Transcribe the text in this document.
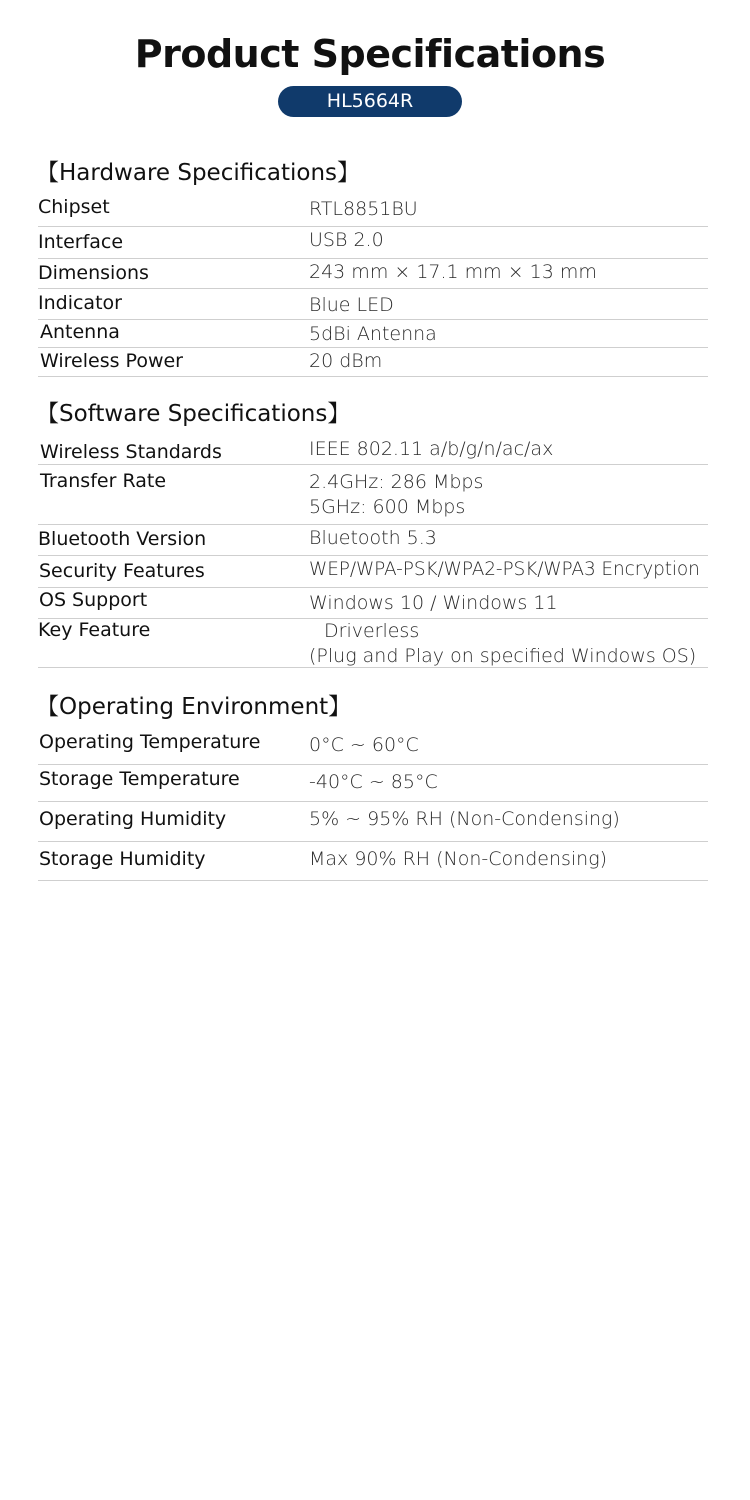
Product Specifications
HL5664R
【Hardware Specifications】
Chipset	RTL8851BU
Interface	USB 2.0
Dimensions	243 mm × 17.1 mm × 13 mm
Indicator	Blue LED
Antenna	5dBi Antenna
Wireless Power	20 dBm
【Software Specifications】
Wireless Standards	IEEE 802.11 a/b/g/n/ac/ax
Transfer Rate	2.4GHz: 286 Mbps
5GHz: 600 Mbps
Bluetooth Version	Bluetooth 5.3
Security Features	WEP/WPA-PSK/WPA2-PSK/WPA3 Encryption
OS Support	Windows 10 / Windows 11
Key Feature	Driverless
(Plug and Play on specified Windows OS)
【Operating Environment】
Operating Temperature	0°C ~ 60°C
Storage Temperature	-40°C ~ 85°C
Operating Humidity	5% ~ 95% RH (Non-Condensing)
Storage Humidity	Max 90% RH (Non-Condensing)
